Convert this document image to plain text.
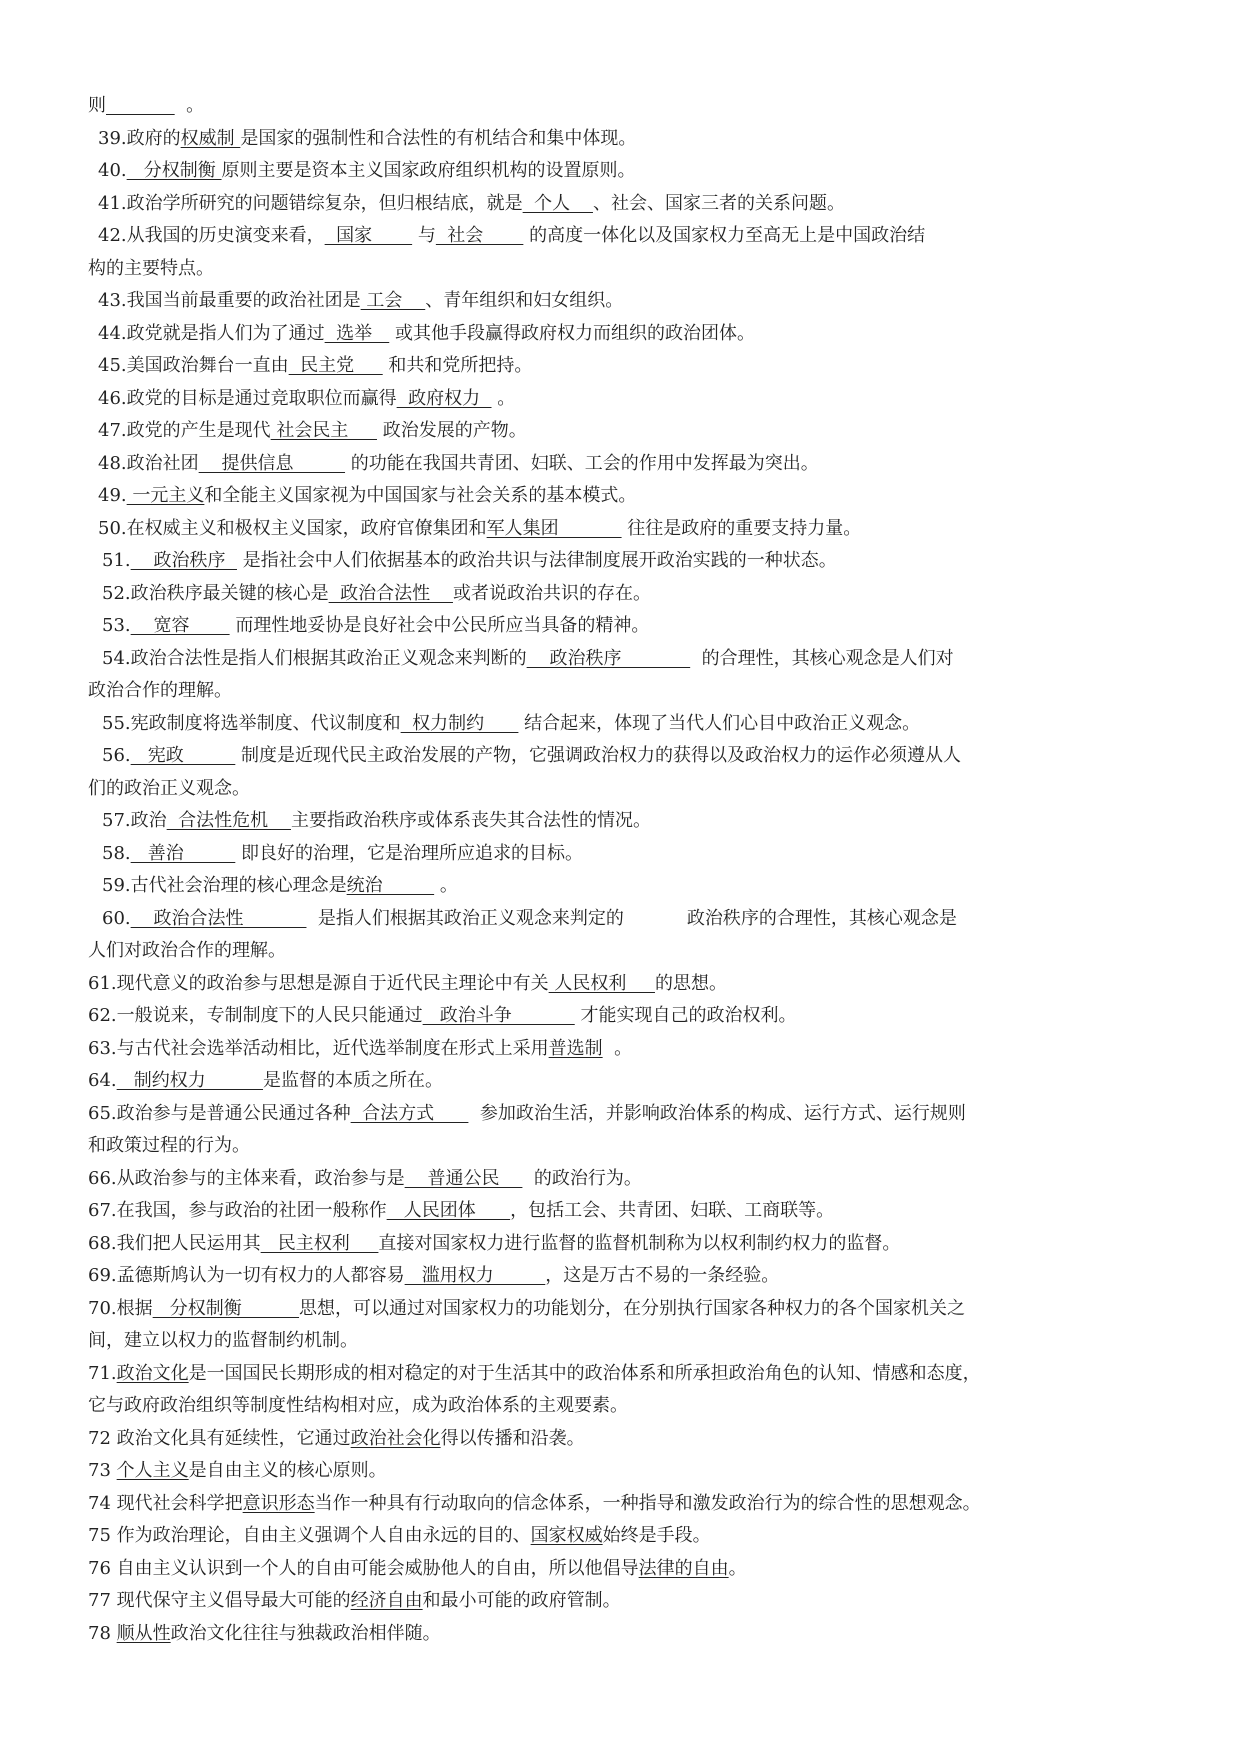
则	。
39.政府的权威制 是国家的强制性和合法性的有机结合和集中体现。
40.   分权制衡 原则主要是资本主义国家政府组织机构的设置原则。
41.政治学所研究的问题错综复杂，但归根结底，就是  个人    、社会、国家三者的关系问题。
42.从我国的历史演变来看，  国家        与  社会        的高度一体化以及国家权力至高无上是中国政治结
构的主要特点。
43.我国当前最重要的政治社团是 工会    、青年组织和妇女组织。
44.政党就是指人们为了通过  选举    或其他手段赢得政府权力而组织的政治团体。
45.美国政治舞台一直由  民主党      和共和党所把持。
46.政党的目标是通过竞取职位而赢得  政府权力   。
47.政党的产生是现代 社会民主      政治发展的产物。
48.政治社团    提供信息          的功能在我国共青团、妇联、工会的作用中发挥最为突出。
49. 一元主义和全能主义国家视为中国国家与社会关系的基本模式。
50.在权威主义和极权主义国家，政府官僚集团和军人集团            往往是政府的重要支持力量。
51.    政治秩序   是指社会中人们依据基本的政治共识与法律制度展开政治实践的一种状态。
52.政治秩序最关键的核心是  政治合法性    或者说政治共识的存在。
53.    宽容        而理性地妥协是良好社会中公民所应当具备的精神。
54.政治合法性是指人们根据其政治正义观念来判断的    政治秩序              的合理性，其核心观念是人们对
政治合作的理解。
55.宪政制度将选举制度、代议制度和  权力制约       结合起来，体现了当代人们心目中政治正义观念。
56.   宪政          制度是近现代民主政治发展的产物，它强调政治权力的获得以及政治权力的运作必须遵从人
们的政治正义观念。
57.政治  合法性危机    主要指政治秩序或体系丧失其合法性的情况。
58.   善治          即良好的治理，它是治理所应追求的目标。
59.古代社会治理的核心理念是统治          。
60.    政治合法性             是指人们根据其政治正义观念来判定的           政治秩序的合理性，其核心观念是
人们对政治合作的理解。
61.现代意义的政治参与思想是源自于近代民主理论中有关 人民权利     的思想。
62.一般说来，专制制度下的人民只能通过   政治斗争            才能实现自己的政治权利。
63.与古代社会选举活动相比，近代选举制度在形式上采用普选制  。
64.   制约权力          是监督的本质之所在。
65.政治参与是普通公民通过各种  合法方式        参加政治生活，并影响政治体系的构成、运行方式、运行规则
和政策过程的行为。
66.从政治参与的主体来看，政治参与是    普通公民      的政治行为。
67.在我国，参与政治的社团一般称作   人民团体      ，包括工会、共青团、妇联、工商联等。
68.我们把人民运用其   民主权利     直接对国家权力进行监督的监督机制称为以权利制约权力的监督。
69.孟德斯鸠认为一切有权力的人都容易   滥用权力         ，这是万古不易的一条经验。
70.根据   分权制衡          思想，可以通过对国家权力的功能划分，在分别执行国家各种权力的各个国家机关之
间，建立以权力的监督制约机制。
71.政治文化是一国国民长期形成的相对稳定的对于生活其中的政治体系和所承担政治角色的认知、情感和态度，
它与政府政治组织等制度性结构相对应，成为政治体系的主观要素。
72 政治文化具有延续性，它通过政治社会化得以传播和沿袭。
73 个人主义是自由主义的核心原则。
74 现代社会科学把意识形态当作一种具有行动取向的信念体系，一种指导和激发政治行为的综合性的思想观念。
75 作为政治理论，自由主义强调个人自由永远的目的、国家权威始终是手段。
76 自由主义认识到一个人的自由可能会威胁他人的自由，所以他倡导法律的自由。
77 现代保守主义倡导最大可能的经济自由和最小可能的政府管制。
78 顺从性政治文化往往与独裁政治相伴随。
